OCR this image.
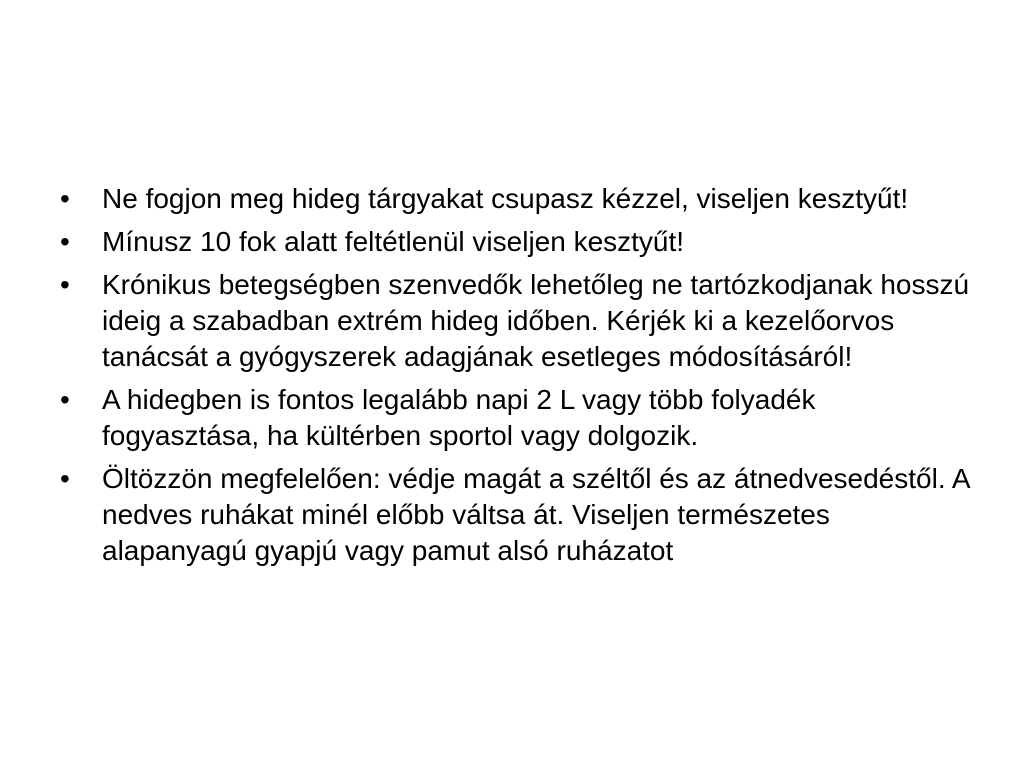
•	Ne fogjon meg hideg tárgyakat csupasz kézzel, viseljen kesztyűt!
•	Mínusz 10 fok alatt feltétlenül viseljen kesztyűt!
•	Krónikus betegségben szenvedők lehetőleg ne tartózkodjanak hosszú ideig a szabadban extrém hideg időben. Kérjék ki a kezelőorvos tanácsát a gyógyszerek adagjának esetleges módosításáról!
•	A hidegben is fontos legalább napi 2 L vagy több folyadék fogyasztása, ha kültérben sportol vagy dolgozik.
•	Öltözzön megfelelően: védje magát a széltől és az átnedvesedéstől. A nedves ruhákat minél előbb váltsa át. Viseljen természetes alapanyagú gyapjú vagy pamut alsó ruházatot
